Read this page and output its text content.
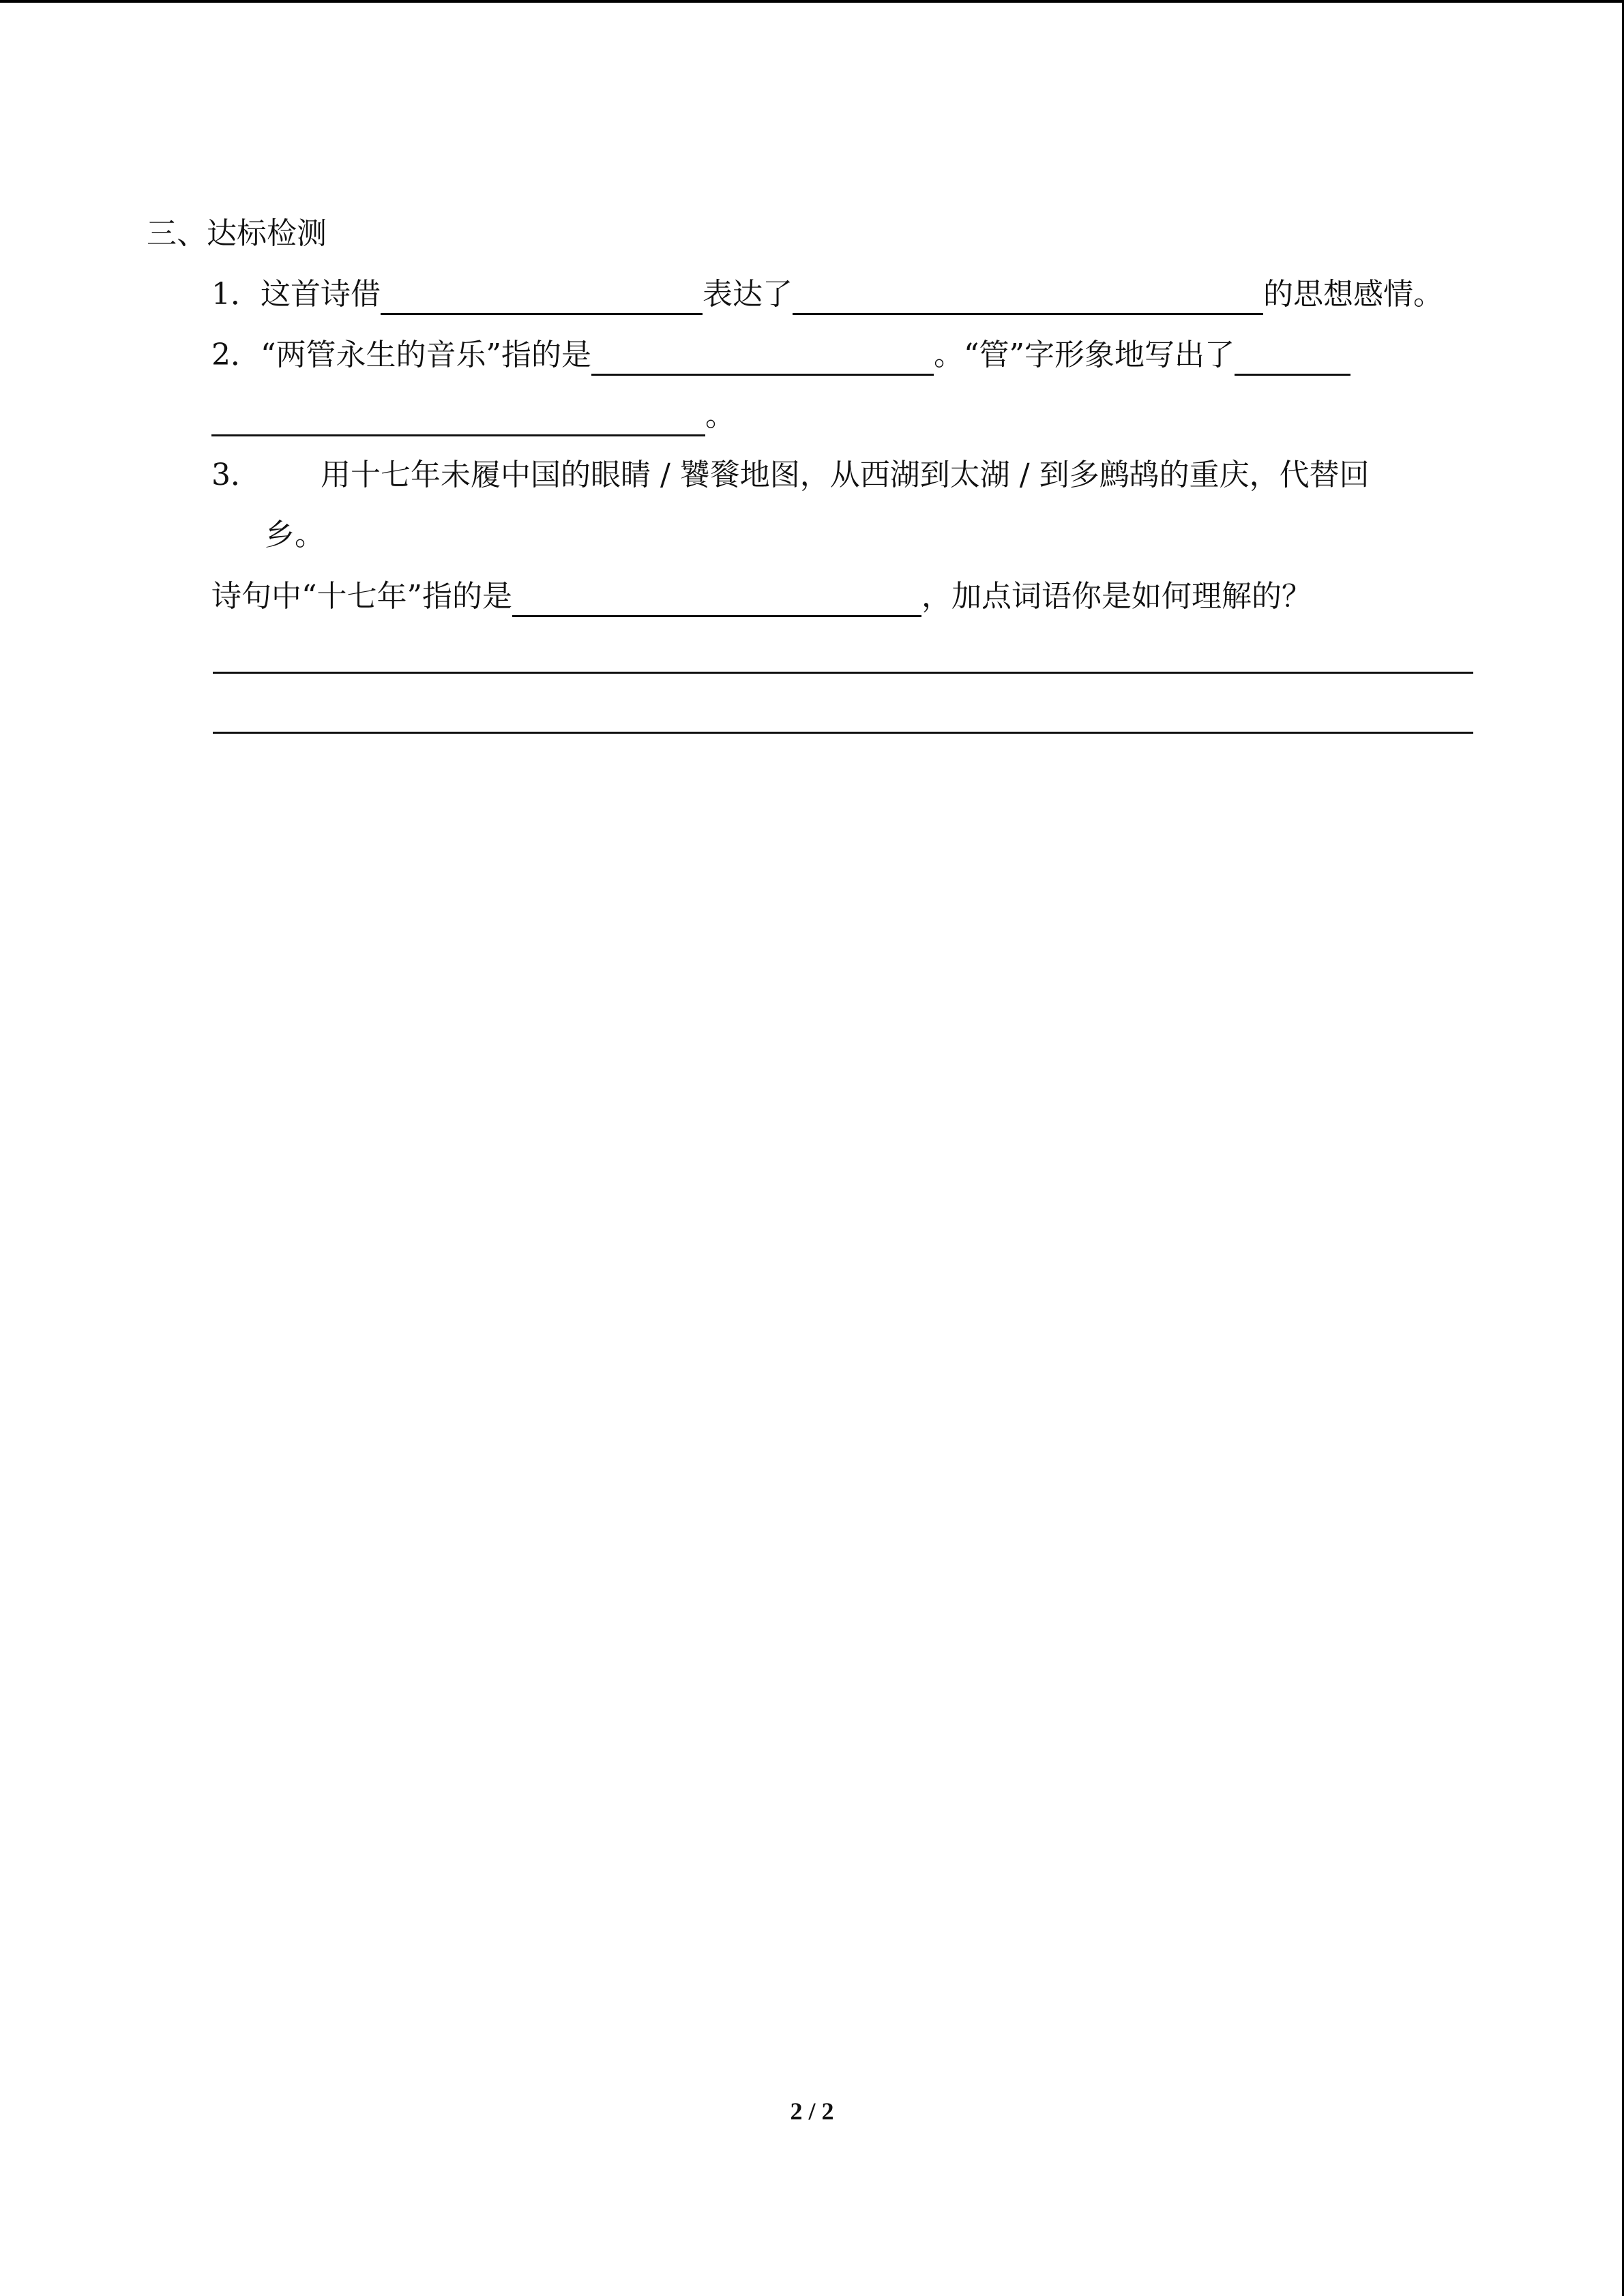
三、达标检测
1．这首诗借	表达了	的思想感情。
2．“两管永生的音乐”指的是	。“管”字形象地写出了
。
3． 用十七年未履中国的眼睛 / 饕餮地图，从西湖到太湖 / 到多鹧鸪的重庆，代替回
乡。
诗句中“十七年”指的是	，加点词语你是如何理解的？
2 / 2
